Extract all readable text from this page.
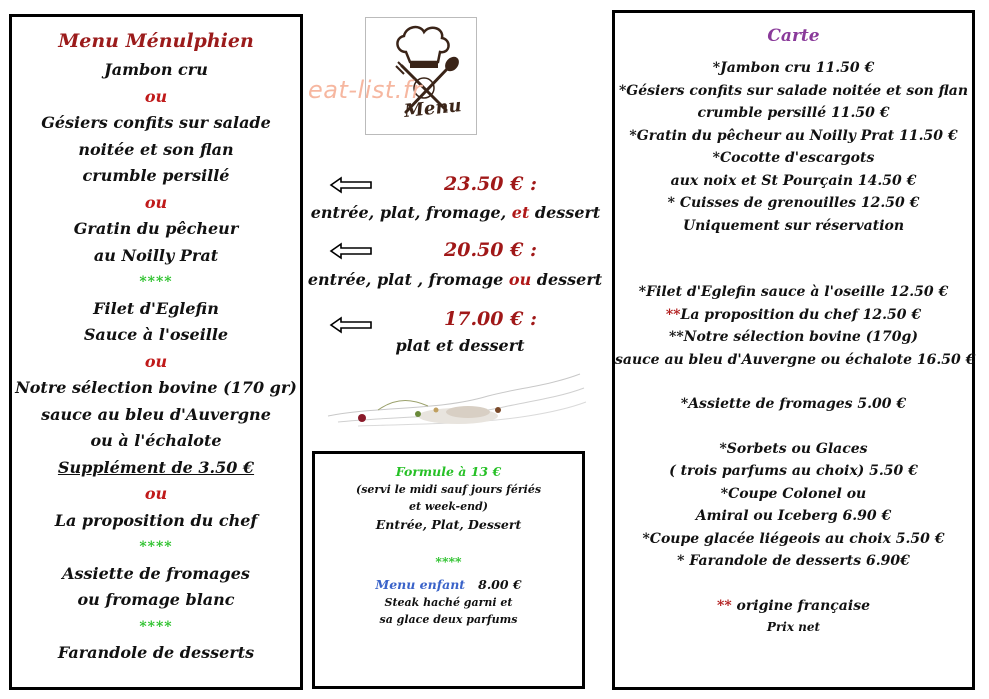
Menu Ménulphien
Jambon cru
ou
Gésiers confits sur salade
noitée et son flan
crumble persillé
ou
Gratin du pêcheur
au Noilly Prat
****
Filet d'Eglefin
Sauce à l'oseille
ou
Notre sélection bovine (170 gr)
sauce au bleu d'Auvergne
ou à l'échalote
Supplément de 3.50 €
ou
La proposition du chef
****
Assiette de fromages
ou fromage blanc
****
Farandole de desserts
Menu
eat-list.fr
23.50 € :
entrée, plat, fromage, et dessert
20.50 € :
entrée, plat , fromage ou dessert
17.00 € :
plat et dessert
Formule à 13 €
(servi le midi sauf jours fériés
et week-end)
Entrée, Plat, Dessert
****
Menu enfant 8.00 €
Steak haché garni et
sa glace deux parfums
Carte
*Jambon cru 11.50 €
*Gésiers confits sur salade noitée et son flan
crumble persillé 11.50 €
*Gratin du pêcheur au Noilly Prat 11.50 €
*Cocotte d'escargots
aux noix et St Pourçain 14.50 €
* Cuisses de grenouilles 12.50 €
Uniquement sur réservation
*Filet d'Eglefin sauce à l'oseille 12.50 €
**La proposition du chef 12.50 €
**Notre sélection bovine (170g)
sauce au bleu d'Auvergne ou échalote 16.50 €
*Assiette de fromages 5.00 €
*Sorbets ou Glaces
( trois parfums au choix) 5.50 €
*Coupe Colonel ou
Amiral ou Iceberg 6.90 €
*Coupe glacée liégeois au choix 5.50 €
* Farandole de desserts 6.90€
** origine française
Prix net
